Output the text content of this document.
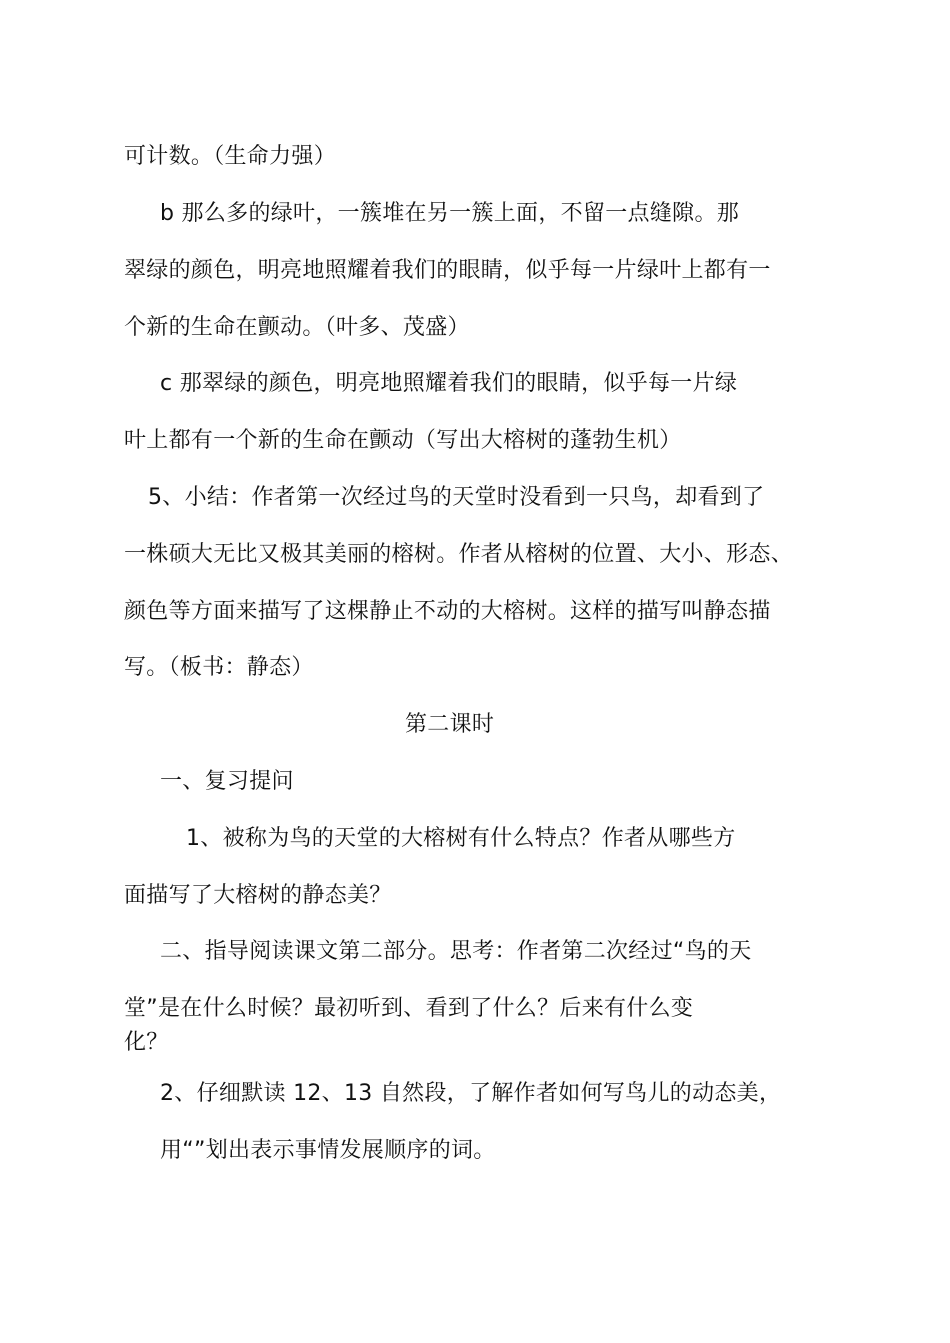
可计数。（生命力强）
b 那么多的绿叶，一簇堆在另一簇上面，不留一点缝隙。那
翠绿的颜色，明亮地照耀着我们的眼睛，似乎每一片绿叶上都有一
个新的生命在颤动。（叶多、茂盛）
c 那翠绿的颜色，明亮地照耀着我们的眼睛，似乎每一片绿
叶上都有一个新的生命在颤动（写出大榕树的蓬勃生机）
5、小结：作者第一次经过鸟的天堂时没看到一只鸟，却看到了
一株硕大无比又极其美丽的榕树。作者从榕树的位置、大小、形态、
颜色等方面来描写了这棵静止不动的大榕树。这样的描写叫静态描
写。（板书：静态）
第二课时
一、复习提问
1、被称为鸟的天堂的大榕树有什么特点？作者从哪些方
面描写了大榕树的静态美？
二、指导阅读课文第二部分。思考：作者第二次经过“鸟的天
堂”是在什么时候？最初听到、看到了什么？后来有什么变
化？
2、仔细默读 12、13 自然段，了解作者如何写鸟儿的动态美，
用“”划出表示事情发展顺序的词。
